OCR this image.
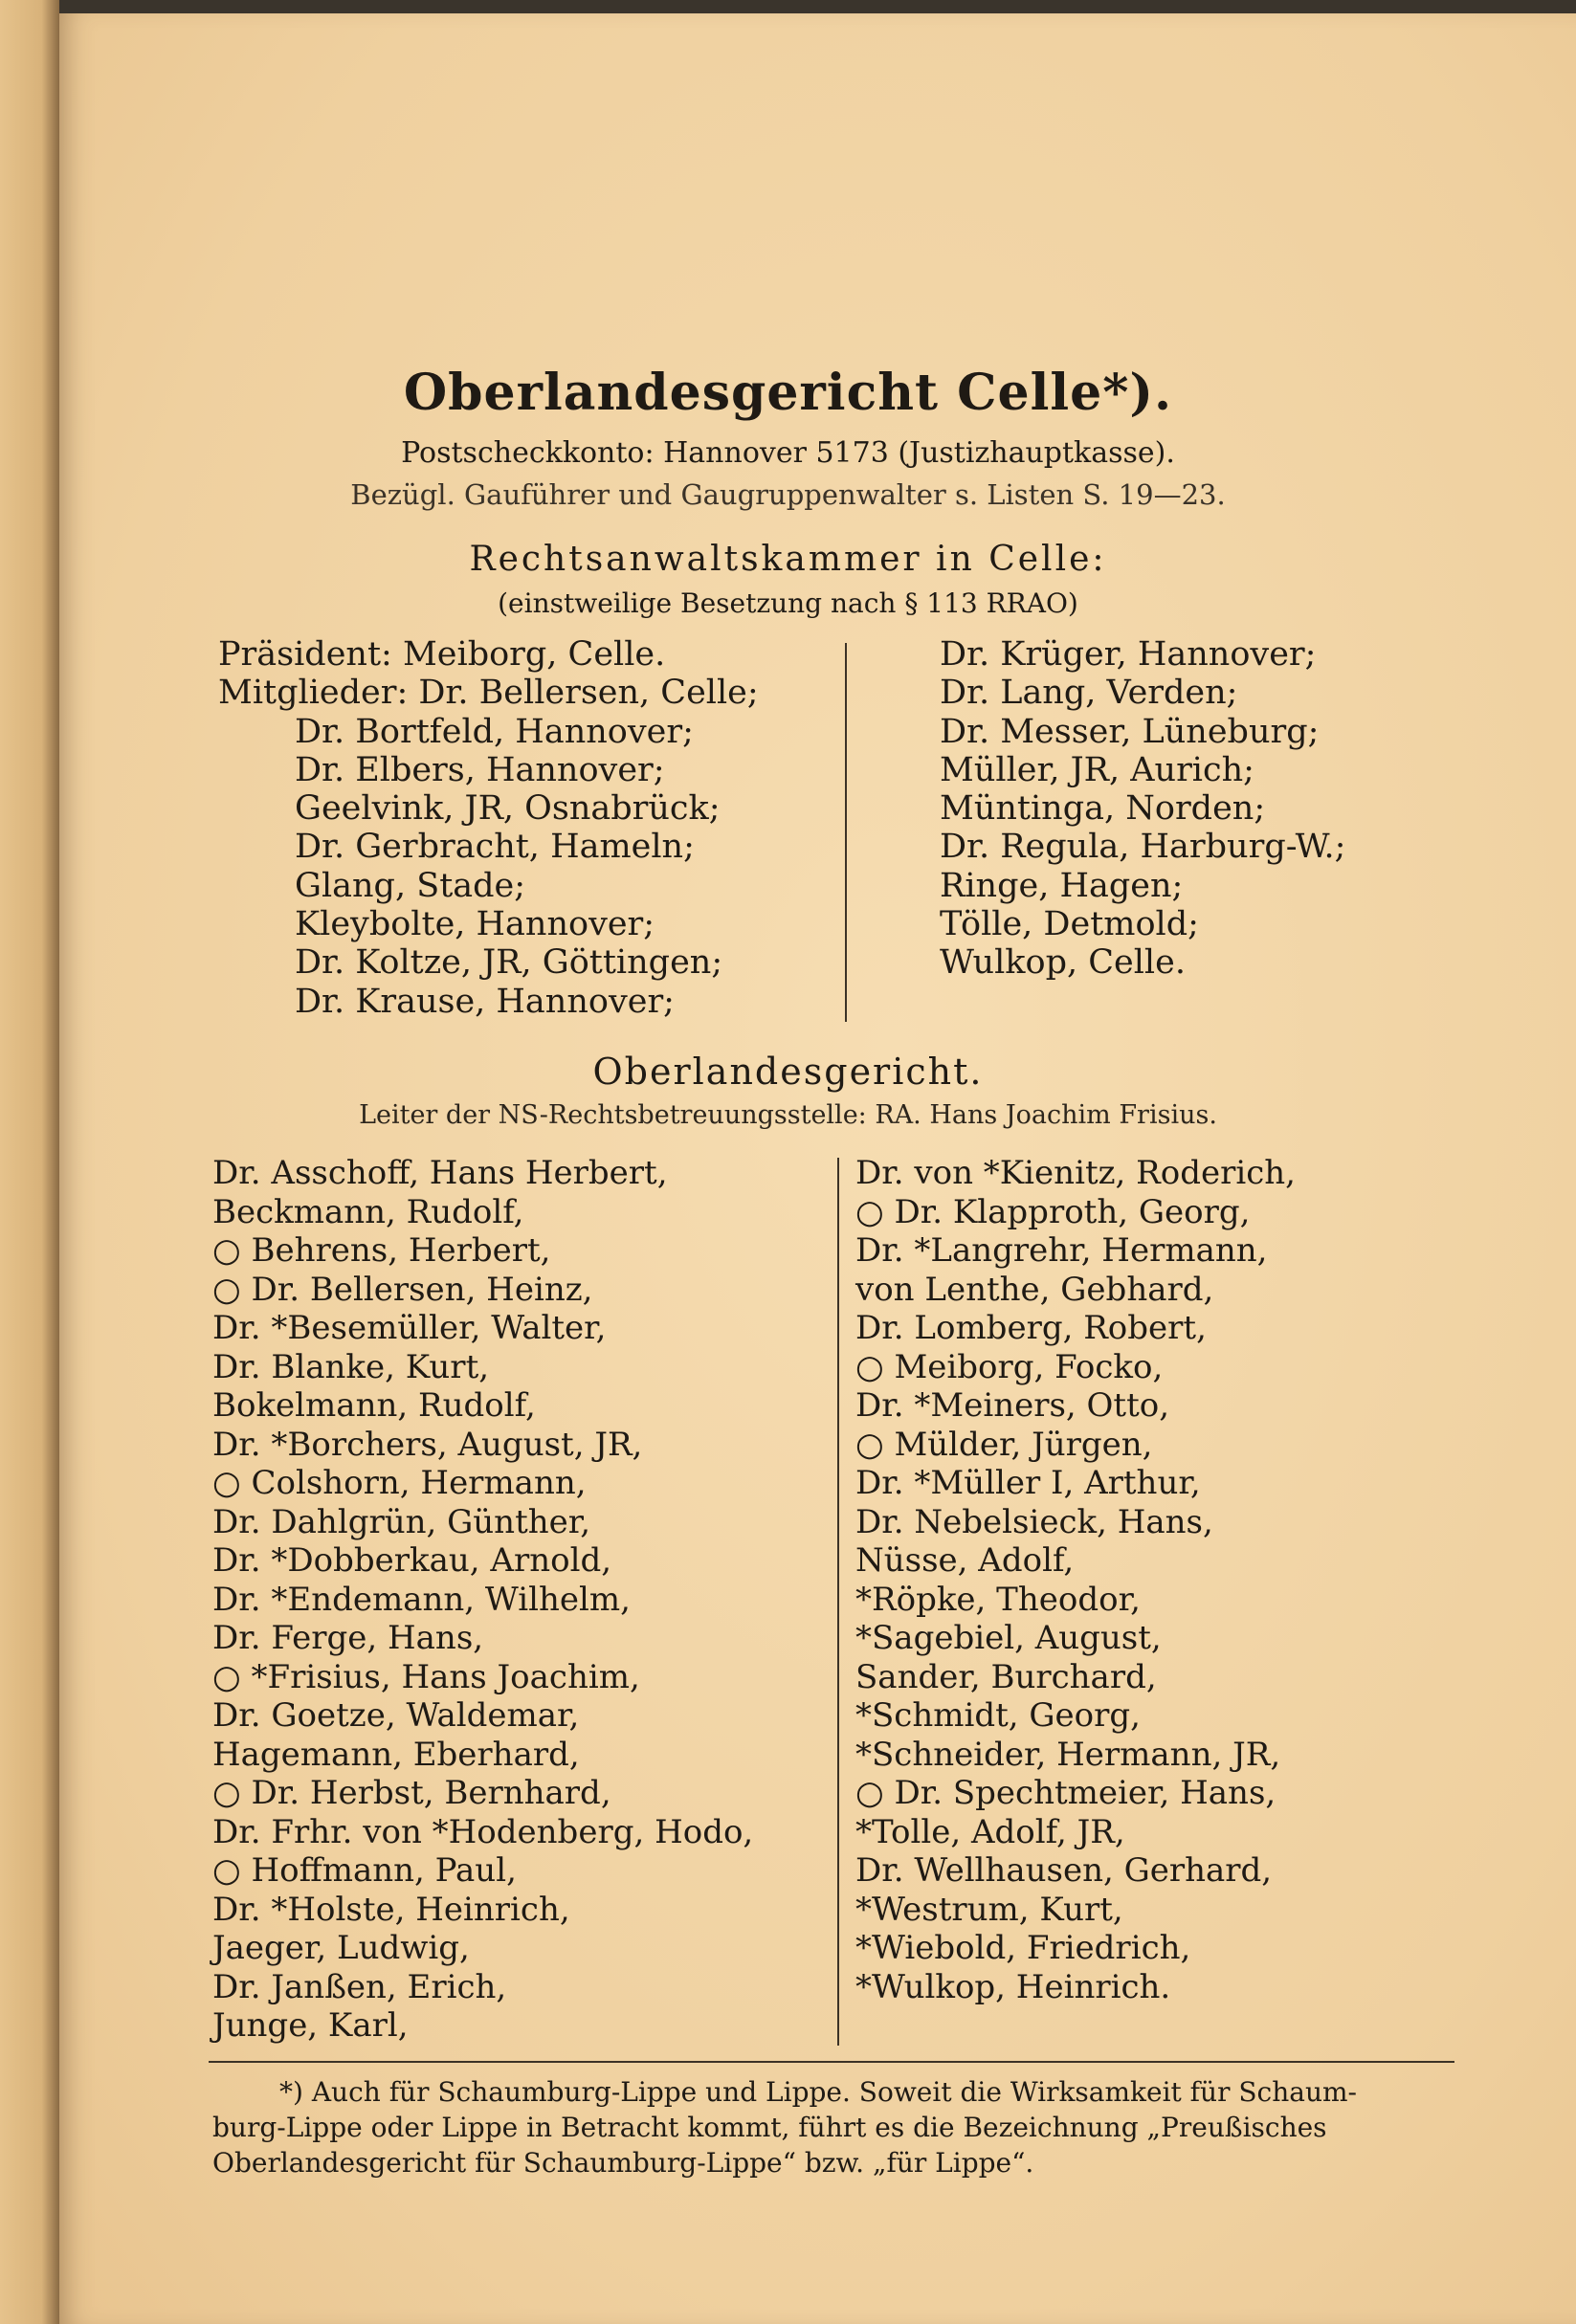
Oberlandesgericht Celle*).
Postscheckkonto: Hannover 5173 (Justizhauptkasse).
Bezügl. Gauführer und Gaugruppenwalter s. Listen S. 19—23.
Rechtsanwaltskammer in Celle:
(einstweilige Besetzung nach § 113 RRAO)
Präsident: Meiborg, Celle.
Mitglieder: Dr. Bellersen, Celle;
Dr. Bortfeld, Hannover;
Dr. Elbers, Hannover;
Geelvink, JR, Osnabrück;
Dr. Gerbracht, Hameln;
Glang, Stade;
Kleybolte, Hannover;
Dr. Koltze, JR, Göttingen;
Dr. Krause, Hannover;
Dr. Krüger, Hannover;
Dr. Lang, Verden;
Dr. Messer, Lüneburg;
Müller, JR, Aurich;
Müntinga, Norden;
Dr. Regula, Harburg-W.;
Ringe, Hagen;
Tölle, Detmold;
Wulkop, Celle.
Oberlandesgericht.
Leiter der NS-Rechtsbetreuungsstelle: RA. Hans Joachim Frisius.
Dr. Asschoff, Hans Herbert,
Beckmann, Rudolf,
○ Behrens, Herbert,
○ Dr. Bellersen, Heinz,
Dr. *Besemüller, Walter,
Dr. Blanke, Kurt,
Bokelmann, Rudolf,
Dr. *Borchers, August, JR,
○ Colshorn, Hermann,
Dr. Dahlgrün, Günther,
Dr. *Dobberkau, Arnold,
Dr. *Endemann, Wilhelm,
Dr. Ferge, Hans,
○ *Frisius, Hans Joachim,
Dr. Goetze, Waldemar,
Hagemann, Eberhard,
○ Dr. Herbst, Bernhard,
Dr. Frhr. von *Hodenberg, Hodo,
○ Hoffmann, Paul,
Dr. *Holste, Heinrich,
Jaeger, Ludwig,
Dr. Janßen, Erich,
Junge, Karl,
Dr. von *Kienitz, Roderich,
○ Dr. Klapproth, Georg,
Dr. *Langrehr, Hermann,
von Lenthe, Gebhard,
Dr. Lomberg, Robert,
○ Meiborg, Focko,
Dr. *Meiners, Otto,
○ Mülder, Jürgen,
Dr. *Müller I, Arthur,
Dr. Nebelsieck, Hans,
Nüsse, Adolf,
*Röpke, Theodor,
*Sagebiel, August,
Sander, Burchard,
*Schmidt, Georg,
*Schneider, Hermann, JR,
○ Dr. Spechtmeier, Hans,
*Tolle, Adolf, JR,
Dr. Wellhausen, Gerhard,
*Westrum, Kurt,
*Wiebold, Friedrich,
*Wulkop, Heinrich.
*) Auch für Schaumburg-Lippe und Lippe. Soweit die Wirksamkeit für Schaum-
burg-Lippe oder Lippe in Betracht kommt, führt es die Bezeichnung „Preußisches
Oberlandesgericht für Schaumburg-Lippe“ bzw. „für Lippe“.
